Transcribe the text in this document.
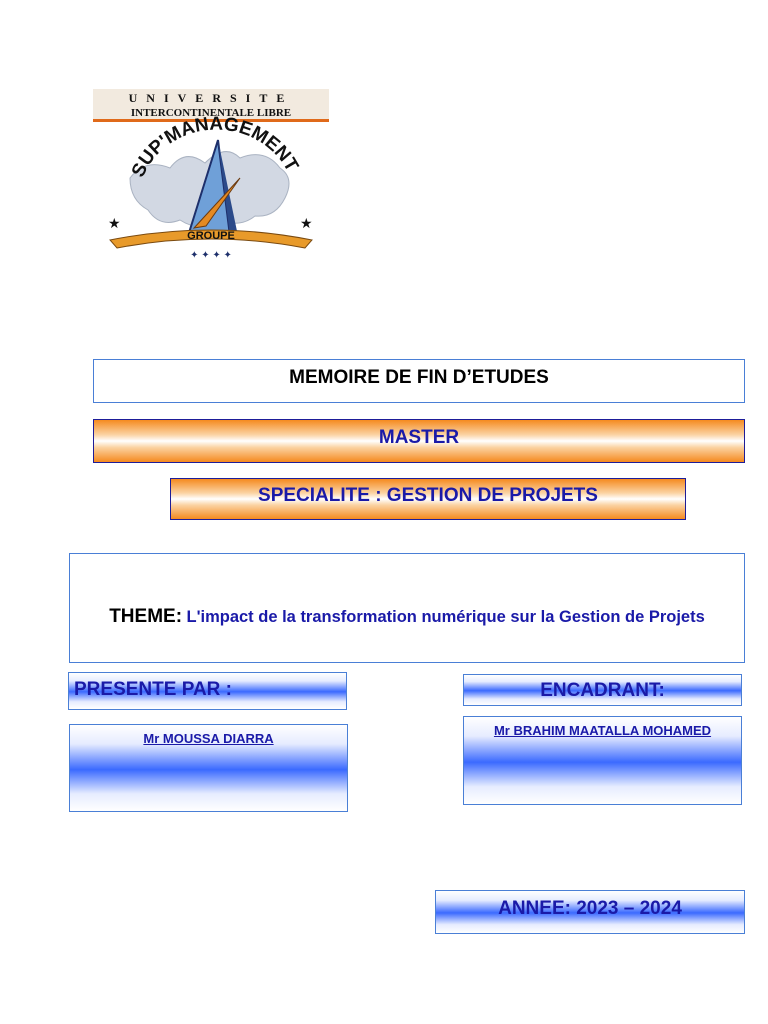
UNIVERSITE
INTERCONTINENTALE LIBRE
SUP'MANAGEMENT
★	★
GROUPE
✦ ✦ ✦ ✦
MEMOIRE DE FIN D’ETUDES
MASTER
SPECIALITE : GESTION DE PROJETS
THEME: L'impact de la transformation numérique sur la Gestion de Projets
PRESENTE PAR :	ENCADRANT:
Mr MOUSSA DIARRA
Mr BRAHIM MAATALLA MOHAMED
ANNEE: 2023 – 2024
